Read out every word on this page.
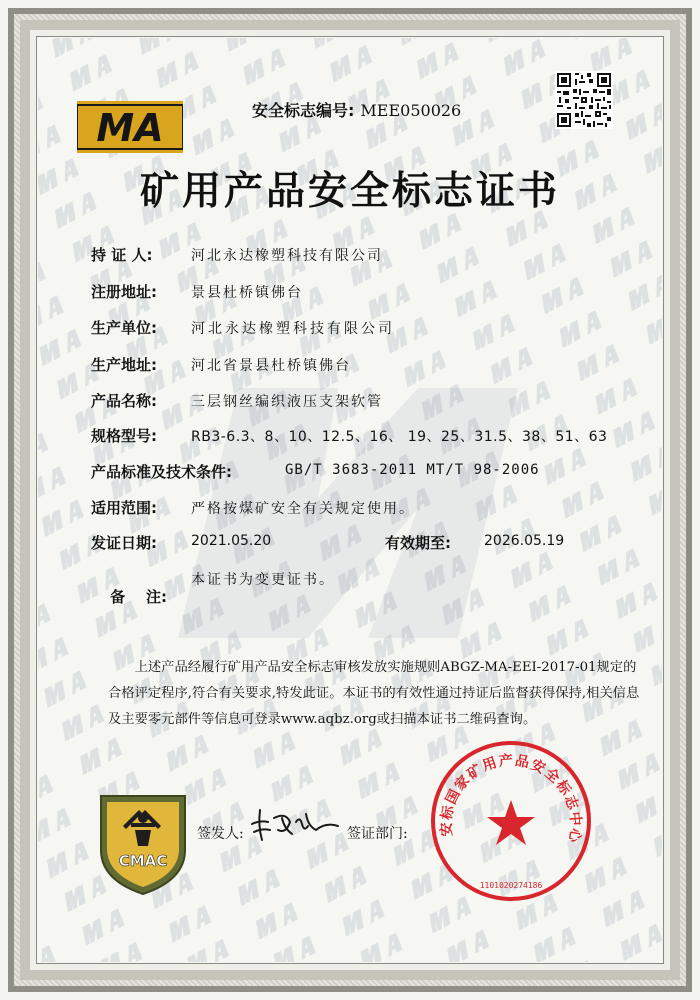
MA	安全标志编号: MEE050026
矿用产品安全标志证书
持 证 人:	河北永达橡塑科技有限公司
注册地址: 景县杜桥镇佛台
生产单位: 河北永达橡塑科技有限公司
生产地址: 河北省景县杜桥镇佛台
产品名称: 三层钢丝编织液压支架软管
规格型号: RB3-6.3、8、10、12.5、16、 19、25、31.5、38、51、63
产品标准及技术条件:	GB/T 3683-2011 MT/T 98-2006
适用范围: 严格按煤矿安全有关规定使用。
发证日期: 2021.05.20	有效期至: 2026.05.19

备    注:

本证书为变更证书。

上述产品经履行矿用产品安全标志审核发放实施规则ABGZ-MA-EEI-2017-01规定的合格评定程序,符合有关要求,特发此证。本证书的有效性通过持证后监督获得保持,相关信息及主要零元部件等信息可登录www.aqbz.org或扫描本证书二维码查询。
CMAC
签发人:	签证部门:	安标国家矿用产品安全标志中心
1101020274186
